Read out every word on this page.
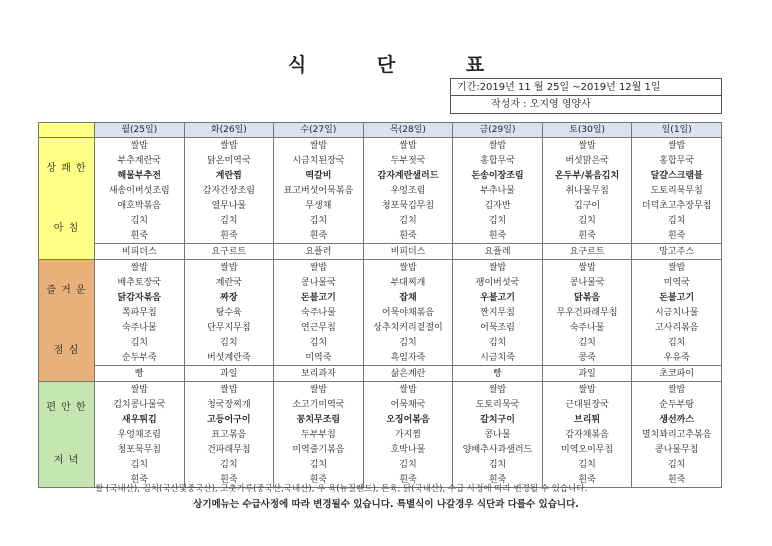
식 단 표
기간:2019년 11 월 25일 ~2019년 12월 1일
작성자 : 오지영 영양사
	월(25일)	화(26일)	수(27일)	목(28일)	금(29일)	토(30일)	일(1일)

상 쾌 한
아 침	쌀밥	쌀밥	쌀밥	쌀밥	쌀밥	쌀밥	쌀밥
	부추계란국	닭온미역국	시금치된장국	두부젓국	홍합무국	버섯맑은국	홍합무국
	해물부추전	계란찜	떡갈비	감자계란샐러드	돈송이장조림	온두부/볶음김치	달걀스크램블
	새송이버섯조림	감자간장조림	표고버섯어묵볶음	우엉조림	부추나물	취나물무침	도토리묵무침
	애호박볶음	열무나물	무생채	청포묵김무침	김자반	김구이	더덕초고추장무침
	김치	김치	김치	김치	김치	김치	김치
	흰죽	흰죽	흰죽	흰죽	흰죽	흰죽	흰죽
	비피더스	요구르트	요플러	비피더스	요플레	요구르트	망고주스

즐 거 운
점 심	쌀밥	쌀밥	쌀밥	쌀밥	쌀밥	쌀밥	쌀밥
	배추토장국	계란국	콩나물국	부대찌개	팽이버섯국	콩나물국	미역국
	닭감자볶음	짜장	돈불고기	잡채	우불고기	닭볶음	돈불고기
	쪽파무침	탕수육	숙주나물	어묵야채볶음	짠지무침	무우건파래무침	시금치나물
	숙주나물	단무지무침	연근무침	상추치커리겉절이	어묵조림	숙주나물	고사리볶음
	김치	김치	김치	김치	김치	김치	김치
	순두부죽	버섯계란죽	미역죽	흑임자죽	시금치죽	콩죽	우유죽
	빵	과일	보리과자	삶은계란	빵	과일	초코파이

편 안 한
저 녁	쌀밥	쌀밥	쌀밥	쌀밥	쌀밥	쌀밥	쌀밥
	김치콩나물국	청국장찌개	소고기미역국	어묵채국	도토리묵국	근대된장국	순두부탕
	새우튀김	고등어구이	꽁치무조림	오징어볶음	갈치구이	브리튀	생선까스
	우엉채조림	표고볶음	두부부침	가지찜	콩나물	감자채볶음	멸치꽈리고추볶음
	청포묵무침	건파래무침	미역줄기볶음	호박나물	양배추사과샐러드	미역오이무침	콩나물무침
	김치	김치	김치	김치	김치	김치	김치
	흰죽	흰죽	흰죽	흰죽	흰죽	흰죽	흰죽
쌀 (국내산), 김치(국산및중국산), 고춧가루(중국산,국내산), 우 육(뉴질랜드), 돈육, 닭(국내산), 수급 사정에 따라 변경될 수 있습니다.
상기메뉴는 수급사정에 따라 변경될수 있습니다. 특별식이 나갈경우 식단과 다를수 있습니다.
